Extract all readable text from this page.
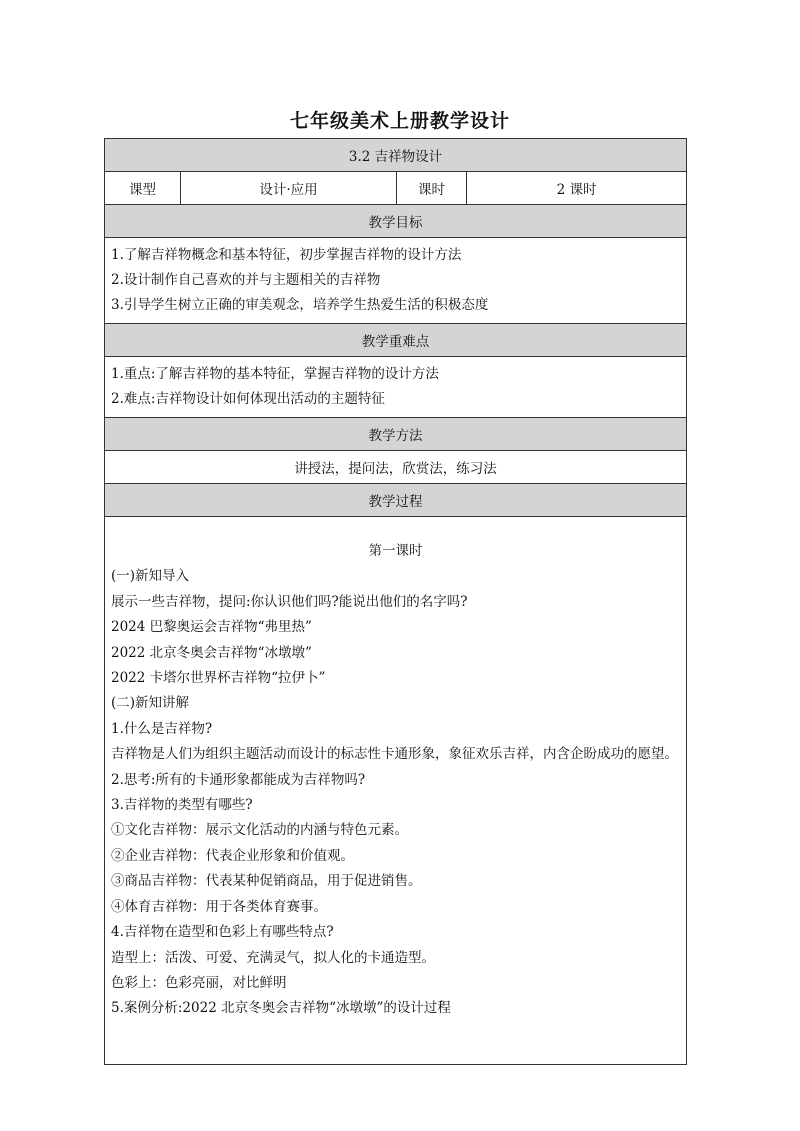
七年级美术上册教学设计
3.2 吉祥物设计
课型	设计·应用	课时	2 课时
教学目标

1.了解吉祥物概念和基本特征，初步掌握吉祥物的设计方法
2.设计制作自己喜欢的并与主题相关的吉祥物
3.引导学生树立正确的审美观念，培养学生热爱生活的积极态度

教学重难点

1.重点:了解吉祥物的基本特征，掌握吉祥物的设计方法
2.难点:吉祥物设计如何体现出活动的主题特征

教学方法
讲授法，提问法，欣赏法，练习法
教学过程

第一课时
(一)新知导入
展示一些吉祥物，提问:你认识他们吗?能说出他们的名字吗?
2024 巴黎奥运会吉祥物“弗里热”
2022 北京冬奥会吉祥物“冰墩墩”
2022 卡塔尔世界杯吉祥物“拉伊卜”
(二)新知讲解
1.什么是吉祥物?
吉祥物是人们为组织主题活动而设计的标志性卡通形象，象征欢乐吉祥，内含企盼成功的愿望。
2.思考:所有的卡通形象都能成为吉祥物吗?
3.吉祥物的类型有哪些?
①文化吉祥物：展示文化活动的内涵与特色元素。
②企业吉祥物：代表企业形象和价值观。
③商品吉祥物：代表某种促销商品，用于促进销售。
④体育吉祥物：用于各类体育赛事。
4.吉祥物在造型和色彩上有哪些特点?
造型上：活泼、可爱、充满灵气，拟人化的卡通造型。
色彩上：色彩亮丽，对比鲜明
5.案例分析:2022 北京冬奥会吉祥物“冰墩墩”的设计过程
